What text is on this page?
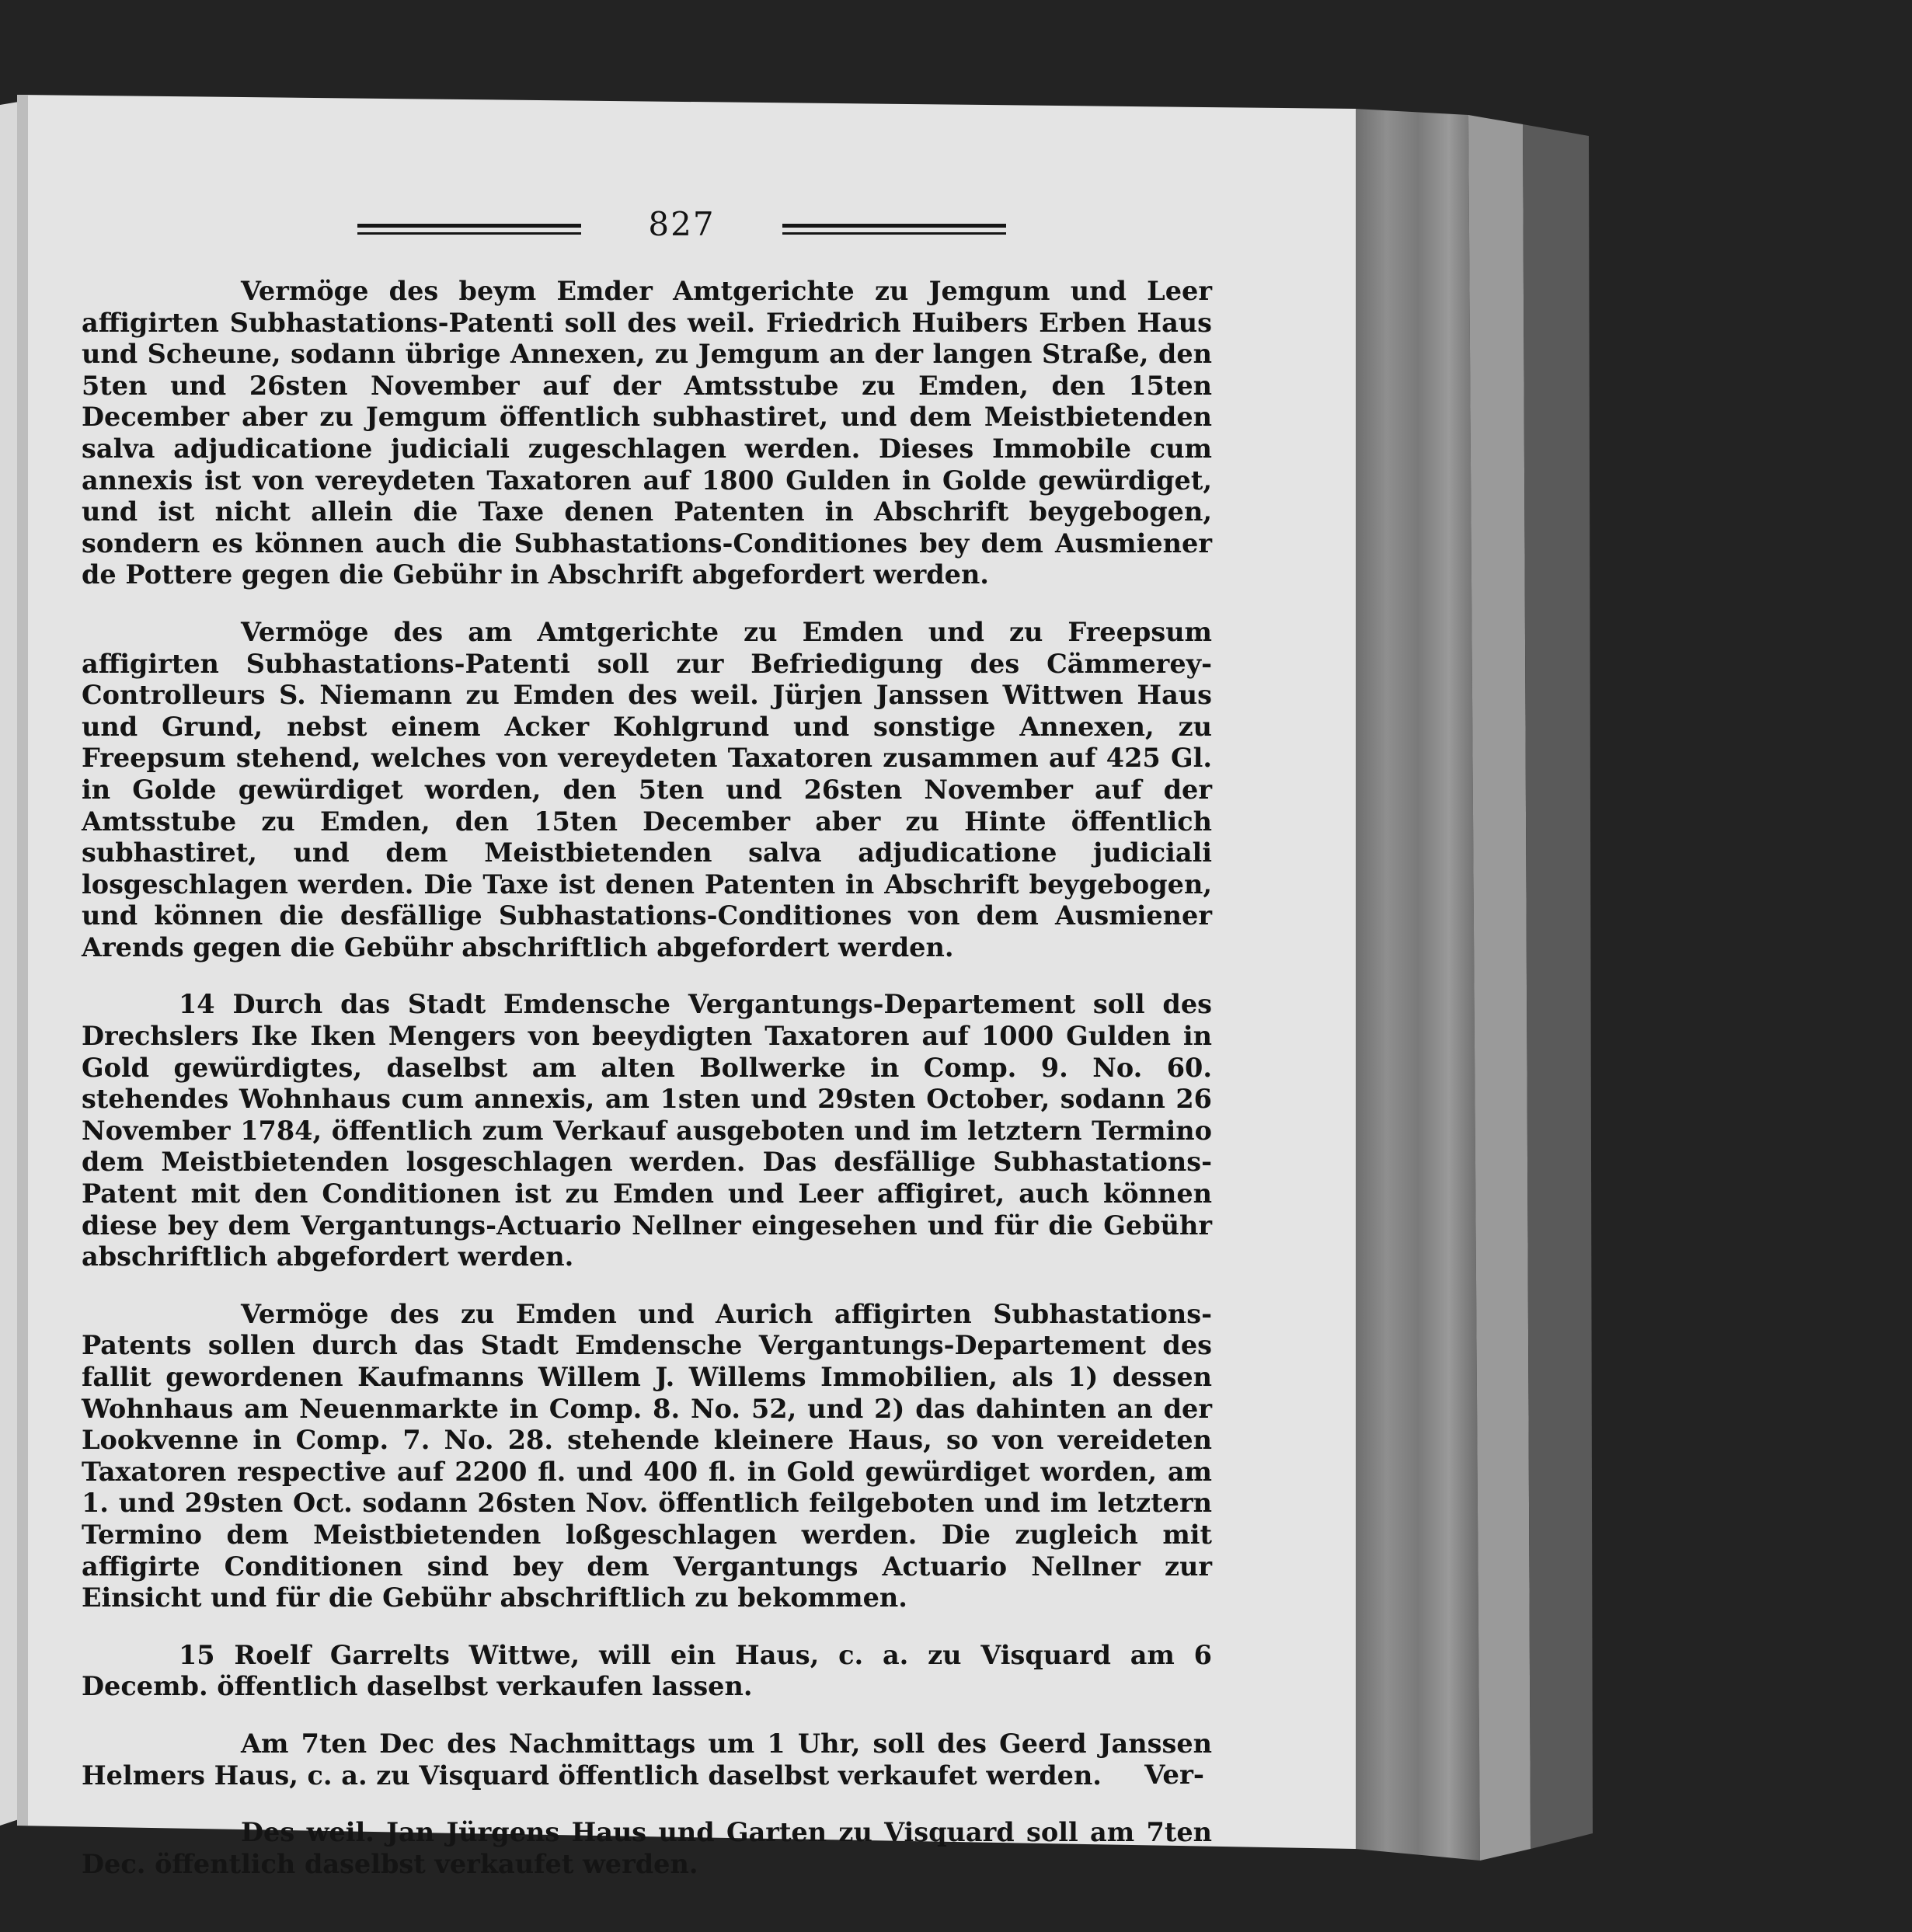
827

Vermöge des beym Emder Amtgerichte zu Jemgum und Leer affigirten Subhastations-Patenti soll des weil. Friedrich Huibers Erben Haus und Scheune, sodann übrige Annexen, zu Jemgum an der langen Straße, den 5ten und 26sten November auf der Amtsstube zu Emden, den 15ten December aber zu Jemgum öffentlich subhastiret, und dem Meistbietenden salva adjudicatione judiciali zugeschlagen werden. Dieses Immobile cum annexis ist von vereydeten Taxatoren auf 1800 Gulden in Golde gewürdiget, und ist nicht allein die Taxe denen Patenten in Abschrift beygebogen, sondern es können auch die Subhastations-Conditiones bey dem Ausmiener de Pottere gegen die Gebühr in Abschrift abgefordert werden.

Vermöge des am Amtgerichte zu Emden und zu Freepsum affigirten Subhastations-Patenti soll zur Befriedigung des Cämmerey-Controlleurs S. Niemann zu Emden des weil. Jürjen Janssen Wittwen Haus und Grund, nebst einem Acker Kohlgrund und sonstige Annexen, zu Freepsum stehend, welches von vereydeten Taxatoren zusammen auf 425 Gl. in Golde gewürdiget worden, den 5ten und 26sten November auf der Amtsstube zu Emden, den 15ten December aber zu Hinte öffentlich subhastiret, und dem Meistbietenden salva adjudicatione judiciali losgeschlagen werden. Die Taxe ist denen Patenten in Abschrift beygebogen, und können die desfällige Subhastations-Conditiones von dem Ausmiener Arends gegen die Gebühr abschriftlich abgefordert werden.

14 Durch das Stadt Emdensche Vergantungs-Departement soll des Drechslers Ike Iken Mengers von beeydigten Taxatoren auf 1000 Gulden in Gold gewürdigtes, daselbst am alten Bollwerke in Comp. 9. No. 60. stehendes Wohnhaus cum annexis, am 1sten und 29sten October, sodann 26 November 1784, öffentlich zum Verkauf ausgeboten und im letztern Termino dem Meistbietenden losgeschlagen werden. Das desfällige Subhastations-Patent mit den Conditionen ist zu Emden und Leer affigiret, auch können diese bey dem Vergantungs-Actuario Nellner eingesehen und für die Gebühr abschriftlich abgefordert werden.

Vermöge des zu Emden und Aurich affigirten Subhastations-Patents sollen durch das Stadt Emdensche Vergantungs-Departement des fallit gewordenen Kaufmanns Willem J. Willems Immobilien, als 1) dessen Wohnhaus am Neuenmarkte in Comp. 8. No. 52, und 2) das dahinten an der Lookvenne in Comp. 7. No. 28. stehende kleinere Haus, so von vereideten Taxatoren respective auf 2200 fl. und 400 fl. in Gold gewürdiget worden, am 1. und 29sten Oct. sodann 26sten Nov. öffentlich feilgeboten und im letztern Termino dem Meistbietenden loßgeschlagen werden. Die zugleich mit affigirte Conditionen sind bey dem Vergantungs Actuario Nellner zur Einsicht und für die Gebühr abschriftlich zu bekommen.

15 Roelf Garrelts Wittwe, will ein Haus, c. a. zu Visquard am 6 Decemb. öffentlich daselbst verkaufen lassen.

Am 7ten Dec des Nachmittags um 1 Uhr, soll des Geerd Janssen Helmers Haus, c. a. zu Visquard öffentlich daselbst verkaufet werden.

Des weil. Jan Jürgens Haus und Garten zu Visquard soll am 7ten Dec. öffentlich daselbst verkaufet werden.

Ver-
